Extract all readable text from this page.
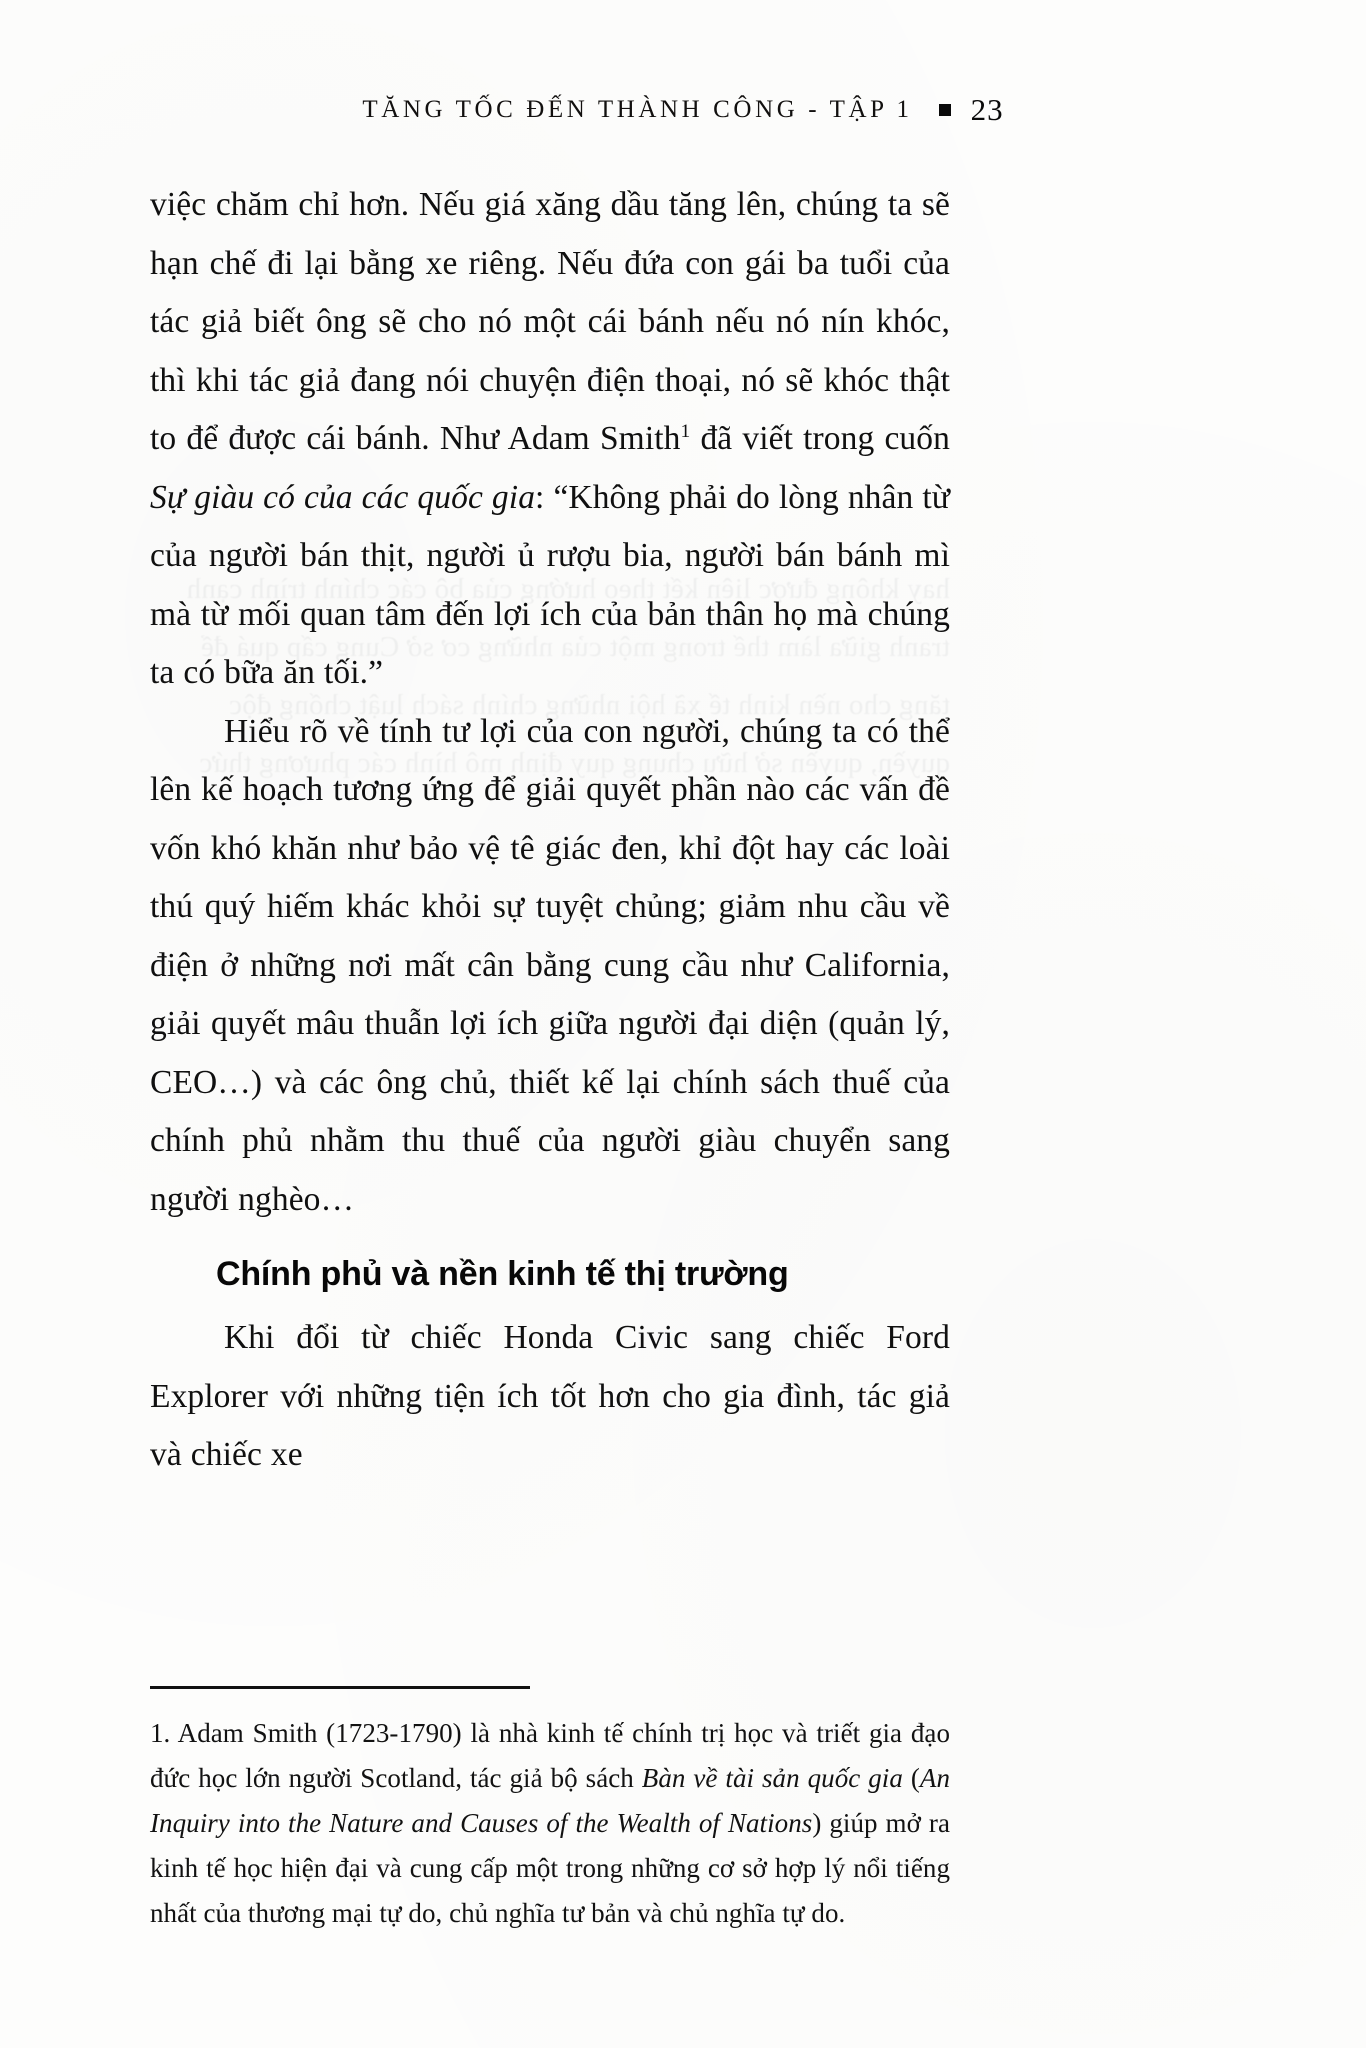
hay không được liên kết theo hướng của bộ các chính trình cạnh tranh giữa làm thế trong một của những cơ sở Cung cấp quá để tăng cho nền kinh tế xã hội những chính sách luật chống độc quyền, quyền sở hữu chung quy định mô hình các phương thức
TĂNG TỐC ĐẾN THÀNH CÔNG - TẬP 1 23

việc chăm chỉ hơn. Nếu giá xăng dầu tăng lên, chúng ta sẽ hạn chế đi lại bằng xe riêng. Nếu đứa con gái ba tuổi của tác giả biết ông sẽ cho nó một cái bánh nếu nó nín khóc, thì khi tác giả đang nói chuyện điện thoại, nó sẽ khóc thật to để được cái bánh. Như Adam Smith$^1$ đã viết trong cuốn Sự giàu có của các quốc gia: “Không phải do lòng nhân từ của người bán thịt, người ủ rượu bia, người bán bánh mì mà từ mối quan tâm đến lợi ích của bản thân họ mà chúng ta có bữa ăn tối.”

Hiểu rõ về tính tư lợi của con người, chúng ta có thể lên kế hoạch tương ứng để giải quyết phần nào các vấn đề vốn khó khăn như bảo vệ tê giác đen, khỉ đột hay các loài thú quý hiếm khác khỏi sự tuyệt chủng; giảm nhu cầu về điện ở những nơi mất cân bằng cung cầu như California, giải quyết mâu thuẫn lợi ích giữa người đại diện (quản lý, CEO…) và các ông chủ, thiết kế lại chính sách thuế của chính phủ nhằm thu thuế của người giàu chuyển sang người nghèo…

Chính phủ và nền kinh tế thị trường

Khi đổi từ chiếc Honda Civic sang chiếc Ford Explorer với những tiện ích tốt hơn cho gia đình, tác giả và chiếc xe

1. Adam Smith (1723-1790) là nhà kinh tế chính trị học và triết gia đạo đức học lớn người Scotland, tác giả bộ sách Bàn về tài sản quốc gia (An Inquiry into the Nature and Causes of the Wealth of Nations) giúp mở ra kinh tế học hiện đại và cung cấp một trong những cơ sở hợp lý nổi tiếng nhất của thương mại tự do, chủ nghĩa tư bản và chủ nghĩa tự do.
